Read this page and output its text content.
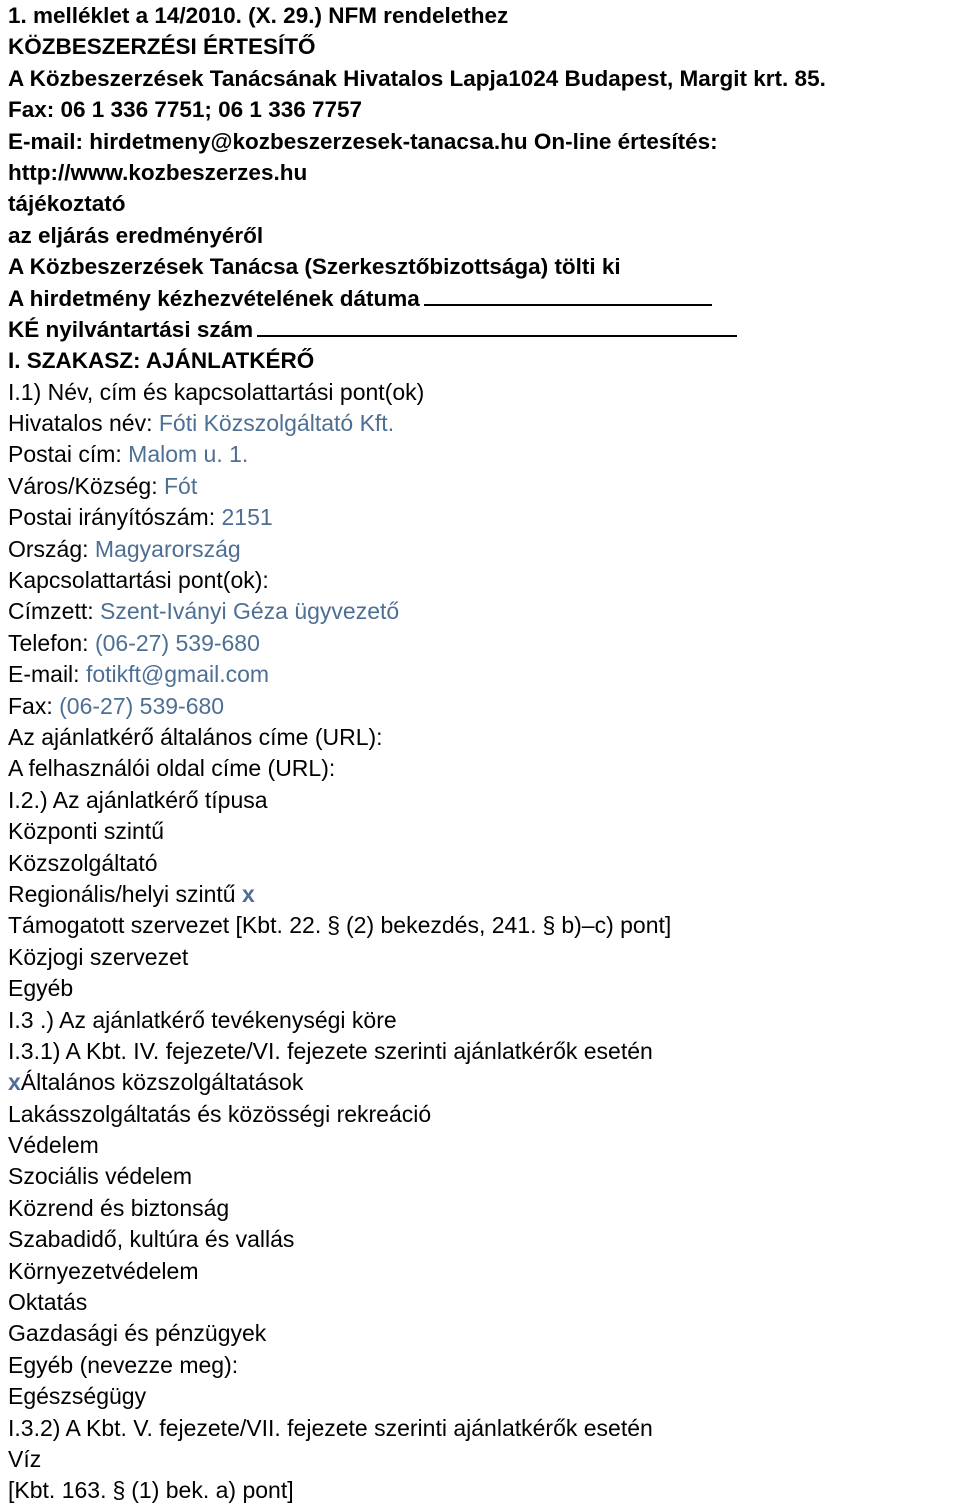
1. melléklet a 14/2010. (X. 29.) NFM rendelethez
KÖZBESZERZÉSI ÉRTESÍTŐ
A Közbeszerzések Tanácsának Hivatalos Lapja1024 Budapest, Margit krt. 85.
Fax: 06 1 336 7751; 06 1 336 7757
E-mail: hirdetmeny@kozbeszerzesek-tanacsa.hu On-line értesítés:
http://www.kozbeszerzes.hu
tájékoztató
az eljárás eredményéről
A Közbeszerzések Tanácsa (Szerkesztőbizottsága) tölti ki
A hirdetmény kézhezvételének dátuma
KÉ nyilvántartási szám
I. SZAKASZ: AJÁNLATKÉRŐ
I.1) Név, cím és kapcsolattartási pont(ok)
Hivatalos név: Fóti Közszolgáltató Kft.
Postai cím: Malom u. 1.
Város/Község: Fót
Postai irányítószám: 2151
Ország: Magyarország
Kapcsolattartási pont(ok):
Címzett: Szent-Iványi Géza ügyvezető
Telefon: (06-27) 539-680
E-mail: fotikft@gmail.com
Fax: (06-27) 539-680
Az ajánlatkérő általános címe (URL):
A felhasználói oldal címe (URL):
I.2.) Az ajánlatkérő típusa
Központi szintű
Közszolgáltató
Regionális/helyi szintű x
Támogatott szervezet [Kbt. 22. § (2) bekezdés, 241. § b)–c) pont]
Közjogi szervezet
Egyéb
I.3 .) Az ajánlatkérő tevékenységi köre
I.3.1) A Kbt. IV. fejezete/VI. fejezete szerinti ajánlatkérők esetén
xÁltalános közszolgáltatások
Lakásszolgáltatás és közösségi rekreáció
Védelem
Szociális védelem
Közrend és biztonság
Szabadidő, kultúra és vallás
Környezetvédelem
Oktatás
Gazdasági és pénzügyek
Egyéb (nevezze meg):
Egészségügy
I.3.2) A Kbt. V. fejezete/VII. fejezete szerinti ajánlatkérők esetén
Víz
[Kbt. 163. § (1) bek. a) pont]
